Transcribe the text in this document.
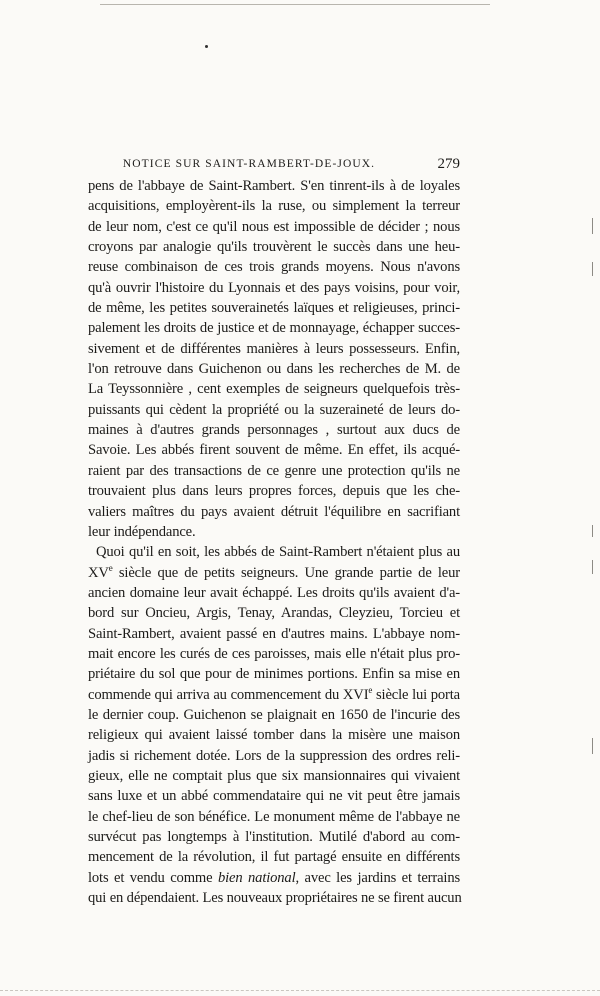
NOTICE SUR SAINT-RAMBERT-DE-JOUX.	279
pens de l'abbaye de Saint-Rambert. S'en tinrent-ils à de loyales
acquisitions, employèrent-ils la ruse, ou simplement la terreur
de leur nom, c'est ce qu'il nous est impossible de décider ; nous
croyons par analogie qu'ils trouvèrent le succès dans une heu-
reuse combinaison de ces trois grands moyens. Nous n'avons
qu'à ouvrir l'histoire du Lyonnais et des pays voisins, pour voir,
de même, les petites souverainetés laïques et religieuses, princi-
palement les droits de justice et de monnayage, échapper succes-
sivement et de différentes manières à leurs possesseurs. Enfin,
l'on retrouve dans Guichenon ou dans les recherches de M. de
La Teyssonnière , cent exemples de seigneurs quelquefois très-
puissants qui cèdent la propriété ou la suzeraineté de leurs do-
maines à d'autres grands personnages , surtout aux ducs de
Savoie. Les abbés firent souvent de même. En effet, ils acqué-
raient par des transactions de ce genre une protection qu'ils ne
trouvaient plus dans leurs propres forces, depuis que les che-
valiers maîtres du pays avaient détruit l'équilibre en sacrifiant
leur indépendance.
Quoi qu'il en soit, les abbés de Saint-Rambert n'étaient plus au
XVe siècle que de petits seigneurs. Une grande partie de leur
ancien domaine leur avait échappé. Les droits qu'ils avaient d'a-
bord sur Oncieu, Argis, Tenay, Arandas, Cleyzieu, Torcieu et
Saint-Rambert, avaient passé en d'autres mains. L'abbaye nom-
mait encore les curés de ces paroisses, mais elle n'était plus pro-
priétaire du sol que pour de minimes portions. Enfin sa mise en
commende qui arriva au commencement du XVIe siècle lui porta
le dernier coup. Guichenon se plaignait en 1650 de l'incurie des
religieux qui avaient laissé tomber dans la misère une maison
jadis si richement dotée. Lors de la suppression des ordres reli-
gieux, elle ne comptait plus que six mansionnaires qui vivaient
sans luxe et un abbé commendataire qui ne vit peut être jamais
le chef-lieu de son bénéfice. Le monument même de l'abbaye ne
survécut pas longtemps à l'institution. Mutilé d'abord au com-
mencement de la révolution, il fut partagé ensuite en différents
lots et vendu comme bien national, avec les jardins et terrains
qui en dépendaient. Les nouveaux propriétaires ne se firent aucun
